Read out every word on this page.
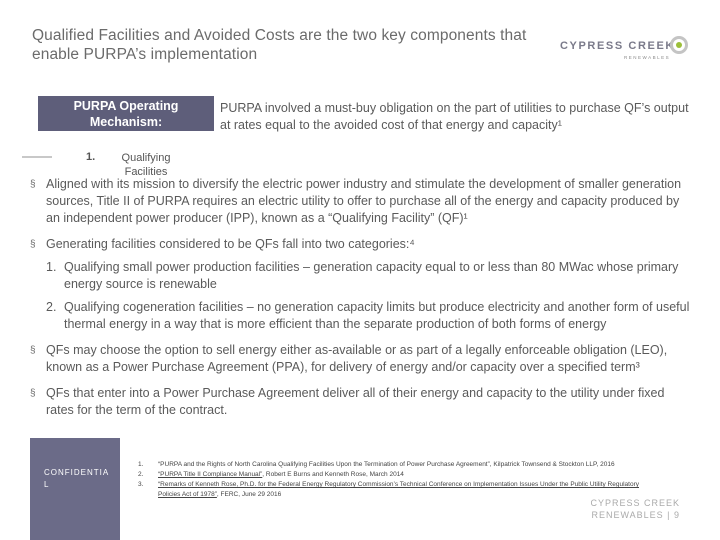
Qualified Facilities and Avoided Costs are the two key components that enable PURPA’s implementation	CYPRESS CREEK
RENEWABLES
PURPA Operating Mechanism:
PURPA involved a must-buy obligation on the part of utilities to purchase QF’s output at rates equal to the avoided cost of that energy and capacity¹
1.	Qualifying Facilities
§ Aligned with its mission to diversify the electric power industry and stimulate the development of smaller generation sources, Title II of PURPA requires an electric utility to offer to purchase all of the energy and capacity produced by an independent power producer (IPP), known as a “Qualifying Facility” (QF)¹
§ Generating facilities considered to be QFs fall into two categories:⁴
1. Qualifying small power production facilities – generation capacity equal to or less than 80 MWac whose primary energy source is renewable
2. Qualifying cogeneration facilities – no generation capacity limits but produce electricity and another form of useful thermal energy in a way that is more efficient than the separate production of both forms of energy
§ QFs may choose the option to sell energy either as-available or as part of a legally enforceable obligation (LEO), known as a Power Purchase Agreement (PPA), for delivery of energy and/or capacity over a specified term³
§ QFs that enter into a Power Purchase Agreement deliver all of their energy and capacity to the utility under fixed rates for the term of the contract.
CONFIDENTIA L
1. “PURPA and the Rights of North Carolina Qualifying Facilities Upon the Termination of Power Purchase Agreement”, Kilpatrick Townsend & Stockton LLP, 2016
2. “PURPA Title II Compliance Manual”, Robert E Burns and Kenneth Rose, March 2014
3. “Remarks of Kenneth Rose, Ph.D. for the Federal Energy Regulatory Commission’s Technical Conference on Implementation Issues Under the Public Utility Regulatory Policies Act of 1978”, FERC, June 29 2016
CYPRESS CREEK RENEWABLES | 9
